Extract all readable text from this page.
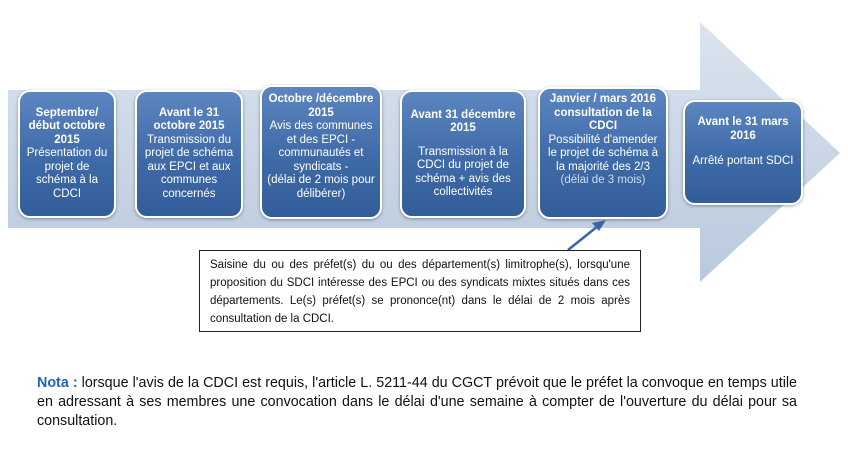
Septembre/ début octobre 2015
Présentation du projet de schéma à la CDCI
Avant le 31 octobre 2015
Transmission du projet de schéma aux EPCI et aux communes concernés
Octobre /décembre 2015
Avis des communes et des EPCI - communautés et syndicats -
(délai de 2 mois pour délibérer)
Avant 31 décembre 2015
Transmission à la CDCI du projet de schéma + avis des collectivités
Janvier / mars 2016 consultation de la CDCI
Possibilité d'amender le projet de schéma à la majorité des 2/3
(délai de 3 mois)
Avant le 31 mars 2016
Arrêté portant SDCI
Saisine du ou des préfet(s) du ou des département(s) limitrophe(s), lorsqu'une proposition du SDCI intéresse des EPCI ou des syndicats mixtes situés dans ces départements. Le(s) préfet(s) se prononce(nt) dans le délai de 2 mois après consultation de la CDCI.
Nota : lorsque l'avis de la CDCI est requis, l'article L. 5211-44 du CGCT prévoit que le préfet la convoque en temps utile en adressant à ses membres une convocation dans le délai d'une semaine à compter de l'ouverture du délai pour sa consultation.
